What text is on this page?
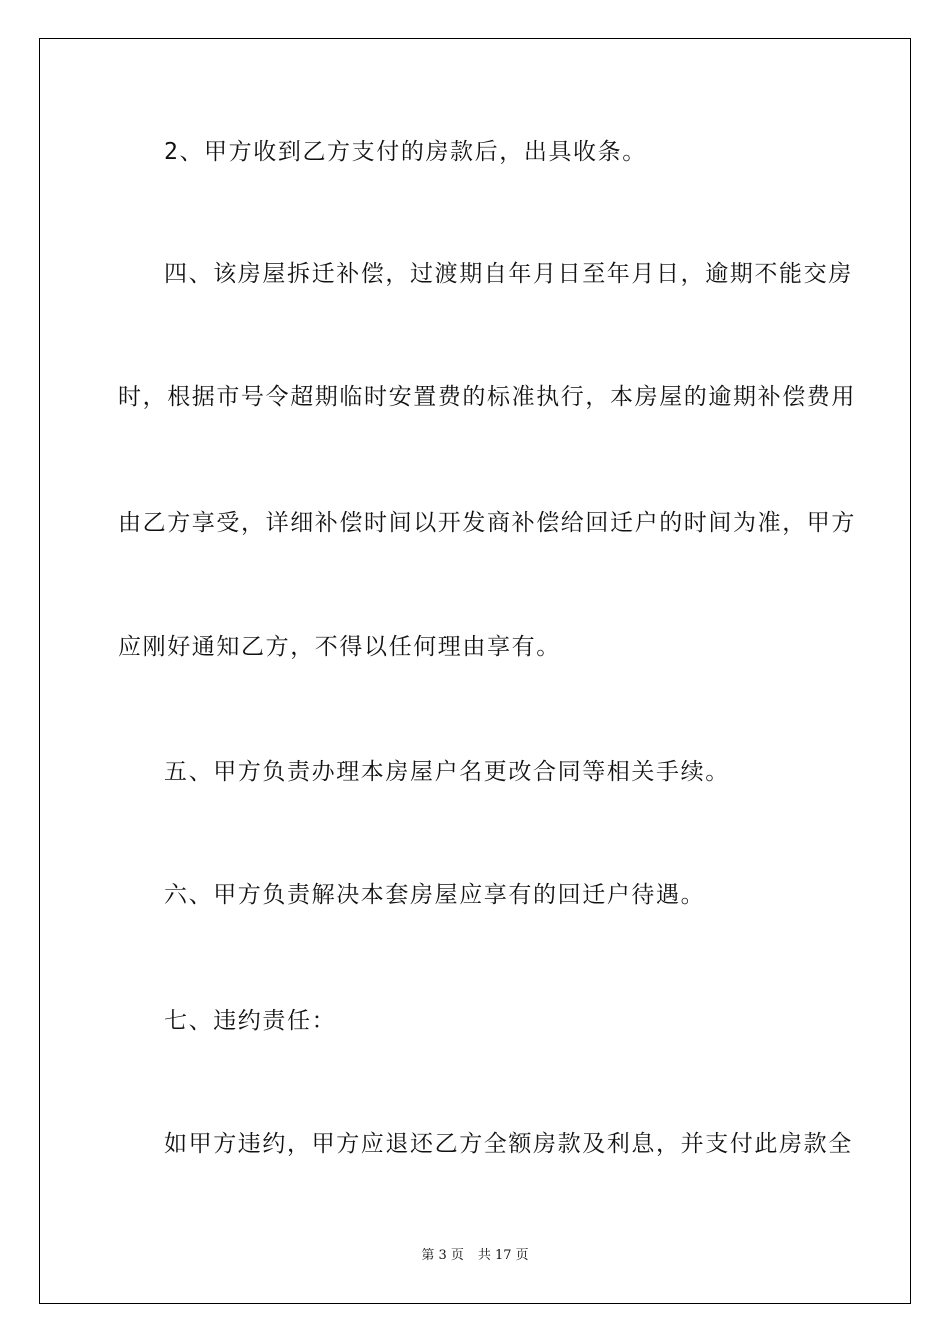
2、甲方收到乙方支付的房款后，出具收条。
四、该房屋拆迁补偿，过渡期自年月日至年月日，逾期不能交房
时，根据市号令超期临时安置费的标准执行，本房屋的逾期补偿费用
由乙方享受，详细补偿时间以开发商补偿给回迁户的时间为准，甲方
应刚好通知乙方，不得以任何理由享有。
五、甲方负责办理本房屋户名更改合同等相关手续。
六、甲方负责解决本套房屋应享有的回迁户待遇。
七、违约责任：
如甲方违约，甲方应退还乙方全额房款及利息，并支付此房款全
第 3 页 共 17 页
